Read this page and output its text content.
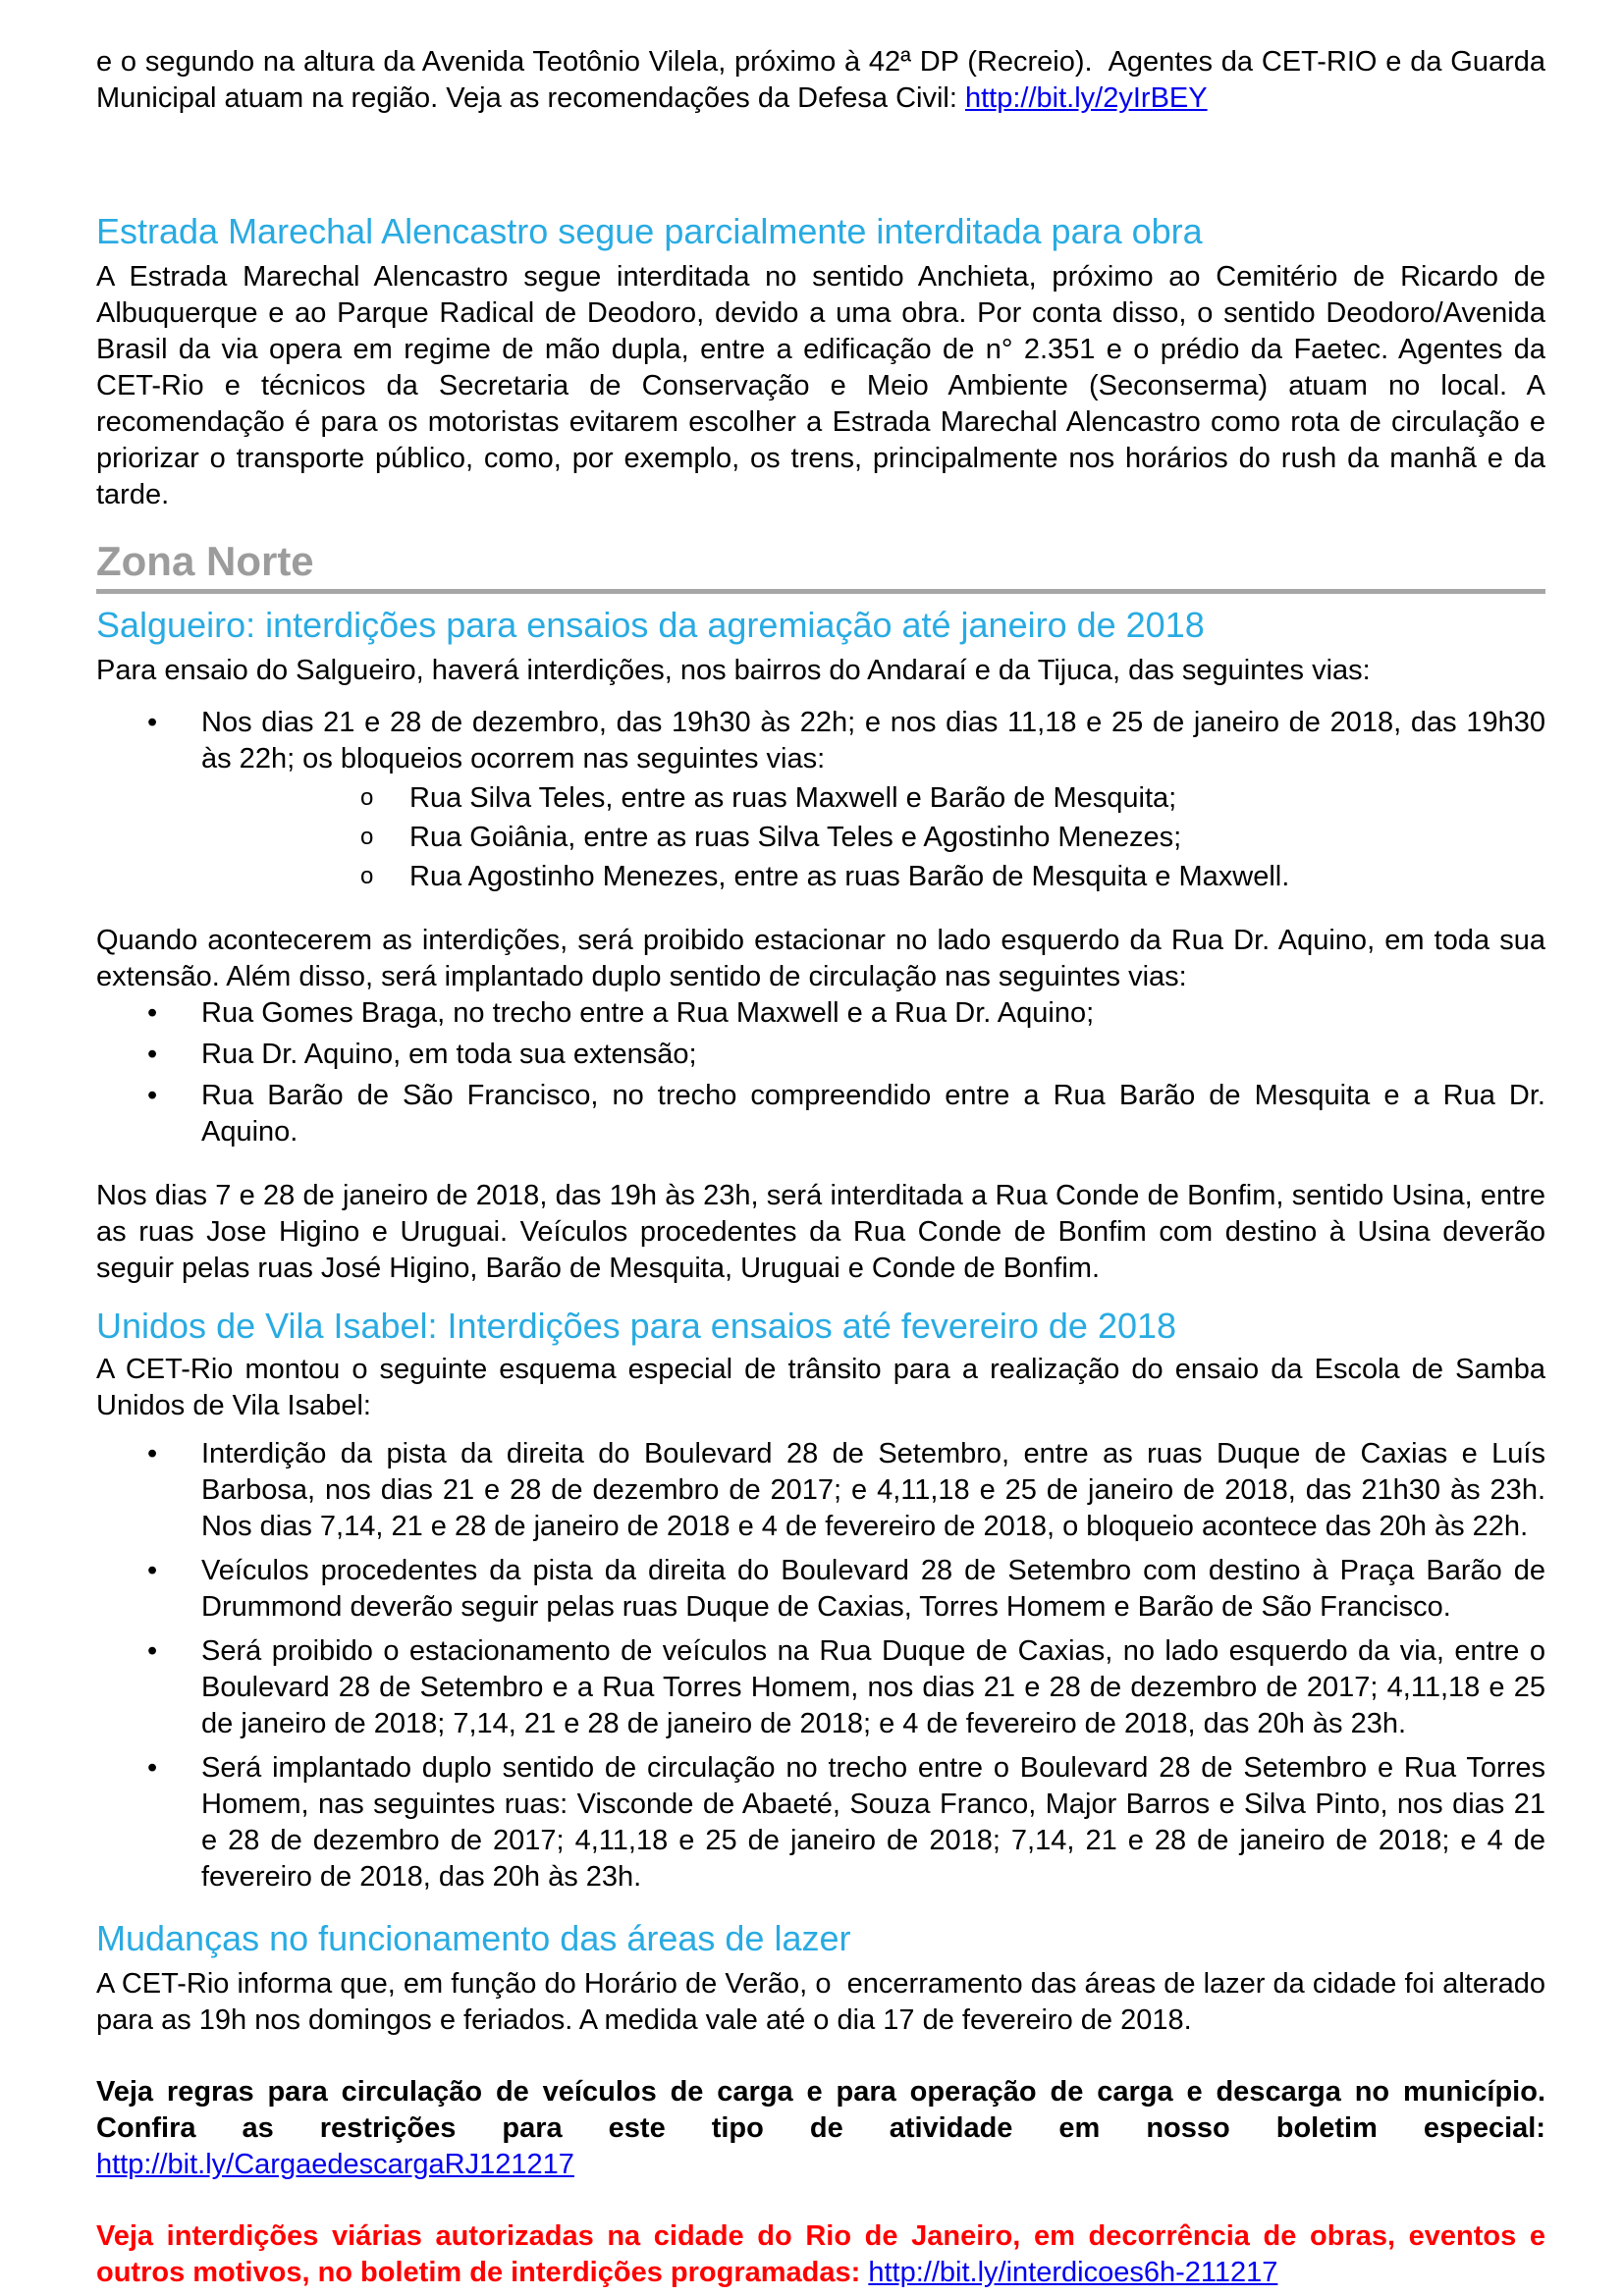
e o segundo na altura da Avenida Teotônio Vilela, próximo à 42ª DP (Recreio).  Agentes da CET-RIO e da Guarda Municipal atuam na região. Veja as recomendações da Defesa Civil: http://bit.ly/2yIrBEY

Estrada Marechal Alencastro segue parcialmente interditada para obra

A Estrada Marechal Alencastro segue interditada no sentido Anchieta, próximo ao Cemitério de Ricardo de Albuquerque e ao Parque Radical de Deodoro, devido a uma obra. Por conta disso, o sentido Deodoro/Avenida Brasil da via opera em regime de mão dupla, entre a edificação de n° 2.351 e o prédio da Faetec. Agentes da CET-Rio e técnicos da Secretaria de Conservação e Meio Ambiente (Seconserma) atuam no local. A recomendação é para os motoristas evitarem escolher a Estrada Marechal Alencastro como rota de circulação e priorizar o transporte público, como, por exemplo, os trens, principalmente nos horários do rush da manhã e da tarde.

Zona Norte
Salgueiro: interdições para ensaios da agremiação até janeiro de 2018

Para ensaio do Salgueiro, haverá interdições, nos bairros do Andaraí e da Tijuca, das seguintes vias:

• Nos dias 21 e 28 de dezembro, das 19h30 às 22h; e nos dias 11,18 e 25 de janeiro de 2018, das 19h30 às 22h; os bloqueios ocorrem nas seguintes vias:
o Rua Silva Teles, entre as ruas Maxwell e Barão de Mesquita;
o Rua Goiânia, entre as ruas Silva Teles e Agostinho Menezes;
o Rua Agostinho Menezes, entre as ruas Barão de Mesquita e Maxwell.

Quando acontecerem as interdições, será proibido estacionar no lado esquerdo da Rua Dr. Aquino, em toda sua extensão. Além disso, será implantado duplo sentido de circulação nas seguintes vias:

• Rua Gomes Braga, no trecho entre a Rua Maxwell e a Rua Dr. Aquino;
• Rua Dr. Aquino, em toda sua extensão;
• Rua Barão de São Francisco, no trecho compreendido entre a Rua Barão de Mesquita e a Rua Dr. Aquino.

Nos dias 7 e 28 de janeiro de 2018, das 19h às 23h, será interditada a Rua Conde de Bonfim, sentido Usina, entre as ruas Jose Higino e Uruguai. Veículos procedentes da Rua Conde de Bonfim com destino à Usina deverão seguir pelas ruas José Higino, Barão de Mesquita, Uruguai e Conde de Bonfim.

Unidos de Vila Isabel: Interdições para ensaios até fevereiro de 2018

A CET-Rio montou o seguinte esquema especial de trânsito para a realização do ensaio da Escola de Samba Unidos de Vila Isabel:

• Interdição da pista da direita do Boulevard 28 de Setembro, entre as ruas Duque de Caxias e Luís Barbosa, nos dias 21 e 28 de dezembro de 2017; e 4,11,18 e 25 de janeiro de 2018, das 21h30 às 23h. Nos dias 7,14, 21 e 28 de janeiro de 2018 e 4 de fevereiro de 2018, o bloqueio acontece das 20h às 22h.
• Veículos procedentes da pista da direita do Boulevard 28 de Setembro com destino à Praça Barão de Drummond deverão seguir pelas ruas Duque de Caxias, Torres Homem e Barão de São Francisco.
• Será proibido o estacionamento de veículos na Rua Duque de Caxias, no lado esquerdo da via, entre o Boulevard 28 de Setembro e a Rua Torres Homem, nos dias 21 e 28 de dezembro de 2017; 4,11,18 e 25 de janeiro de 2018; 7,14, 21 e 28 de janeiro de 2018; e 4 de fevereiro de 2018, das 20h às 23h.
• Será implantado duplo sentido de circulação no trecho entre o Boulevard 28 de Setembro e Rua Torres Homem, nas seguintes ruas: Visconde de Abaeté, Souza Franco, Major Barros e Silva Pinto, nos dias 21 e 28 de dezembro de 2017; 4,11,18 e 25 de janeiro de 2018; 7,14, 21 e 28 de janeiro de 2018; e 4 de fevereiro de 2018, das 20h às 23h.
Mudanças no funcionamento das áreas de lazer

A CET-Rio informa que, em função do Horário de Verão, o  encerramento das áreas de lazer da cidade foi alterado para as 19h nos domingos e feriados. A medida vale até o dia 17 de fevereiro de 2018.

Veja regras para circulação de veículos de carga e para operação de carga e descarga no município. Confira as restrições para este tipo de atividade em nosso boletim especial: http://bit.ly/CargaedescargaRJ121217

Veja interdições viárias autorizadas na cidade do Rio de Janeiro, em decorrência de obras, eventos e outros motivos, no boletim de interdições programadas: http://bit.ly/interdicoes6h-211217
